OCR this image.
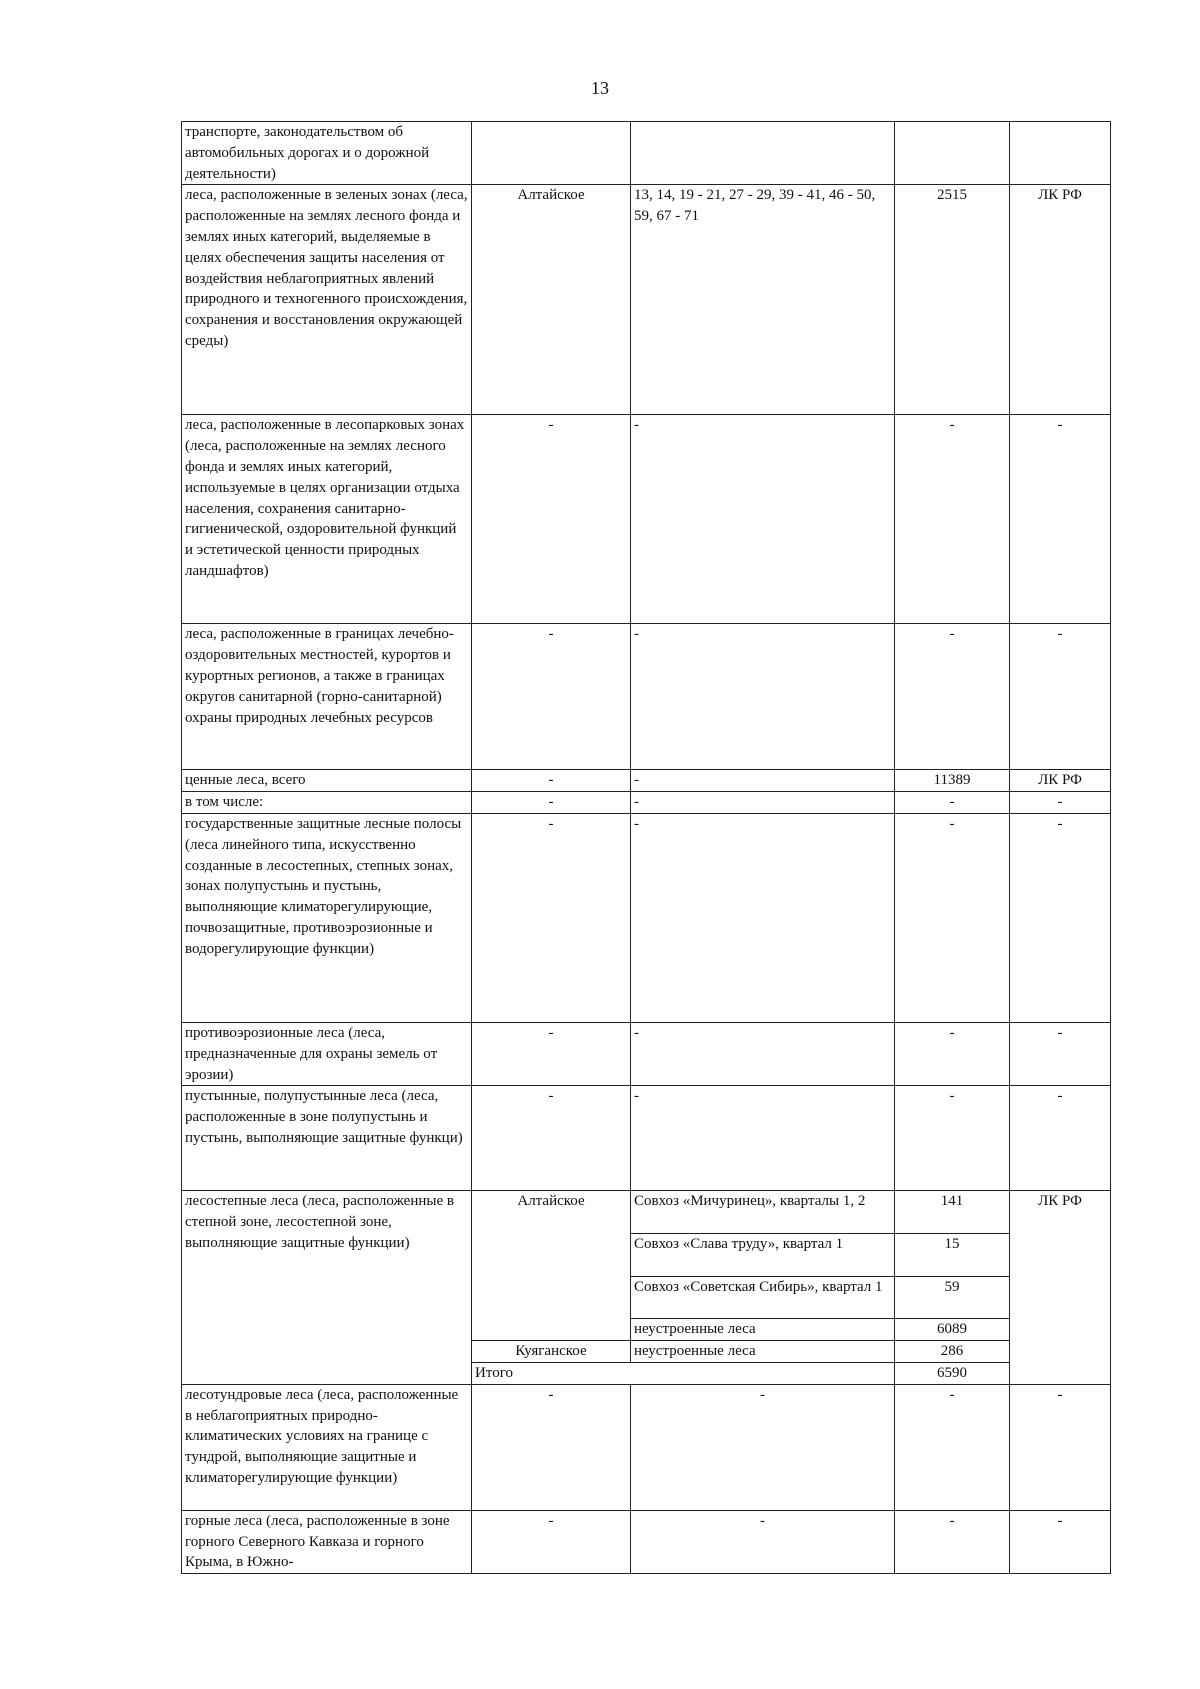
13
транспорте, законодательством об автомобильных дорогах и о дорожной деятельности)				
леса, расположенные в зеленых зонах (леса, расположенные на землях лесного фонда и землях иных категорий, выделяемые в целях обеспечения защиты населения от воздействия неблагоприятных явлений природного и техногенного происхождения, сохранения и восстановления окружающей среды)	Алтайское	13, 14, 19 - 21, 27 - 29, 39 - 41, 46 - 50, 59, 67 - 71	2515	ЛК РФ
леса, расположенные в лесопарковых зонах (леса, расположенные на землях лесного фонда и землях иных категорий, используемые в целях организации отдыха населения, сохранения санитарно-гигиенической, оздоровительной функций и эстетической ценности природных ландшафтов)	-	-	-	-
леса, расположенные в границах лечебно-оздоровительных местностей, курортов и курортных регионов, а также в границах округов санитарной (горно-санитарной) охраны природных лечебных ресурсов	-	-	-	-
ценные леса, всего	-	-	11389	ЛК РФ
в том числе:	-	-	-	-
государственные защитные лесные полосы (леса линейного типа, искусственно созданные в лесостепных, степных зонах, зонах полупустынь и пустынь, выполняющие климаторегулирующие, почвозащитные, противоэрозионные и водорегулирующие функции)	-	-	-	-
противоэрозионные леса (леса, предназначенные для охраны земель от эрозии)	-	-	-	-
пустынные, полупустынные леса (леса, расположенные в зоне полупустынь и пустынь, выполняющие защитные функци)	-	-	-	-
лесостепные леса (леса, расположенные в степной зоне, лесостепной зоне, выполняющие защитные функции)	Алтайское	Совхоз «Мичуринец», кварталы 1, 2	141	ЛК РФ
		Совхоз «Слава труду», квартал 1	15	
		Совхоз «Советская Сибирь», квартал 1	59	
		неустроенные леса	6089	
	Куяганское	неустроенные леса	286	
	Итого		6590	
лесотундровые леса (леса, расположенные в неблагоприятных природно-климатических условиях на границе с тундрой, выполняющие защитные и климаторегулирующие функции)	-	-	-	-
горные леса (леса, расположенные в зоне горного Северного Кавказа и горного Крыма, в Южно-	-	-	-	-
